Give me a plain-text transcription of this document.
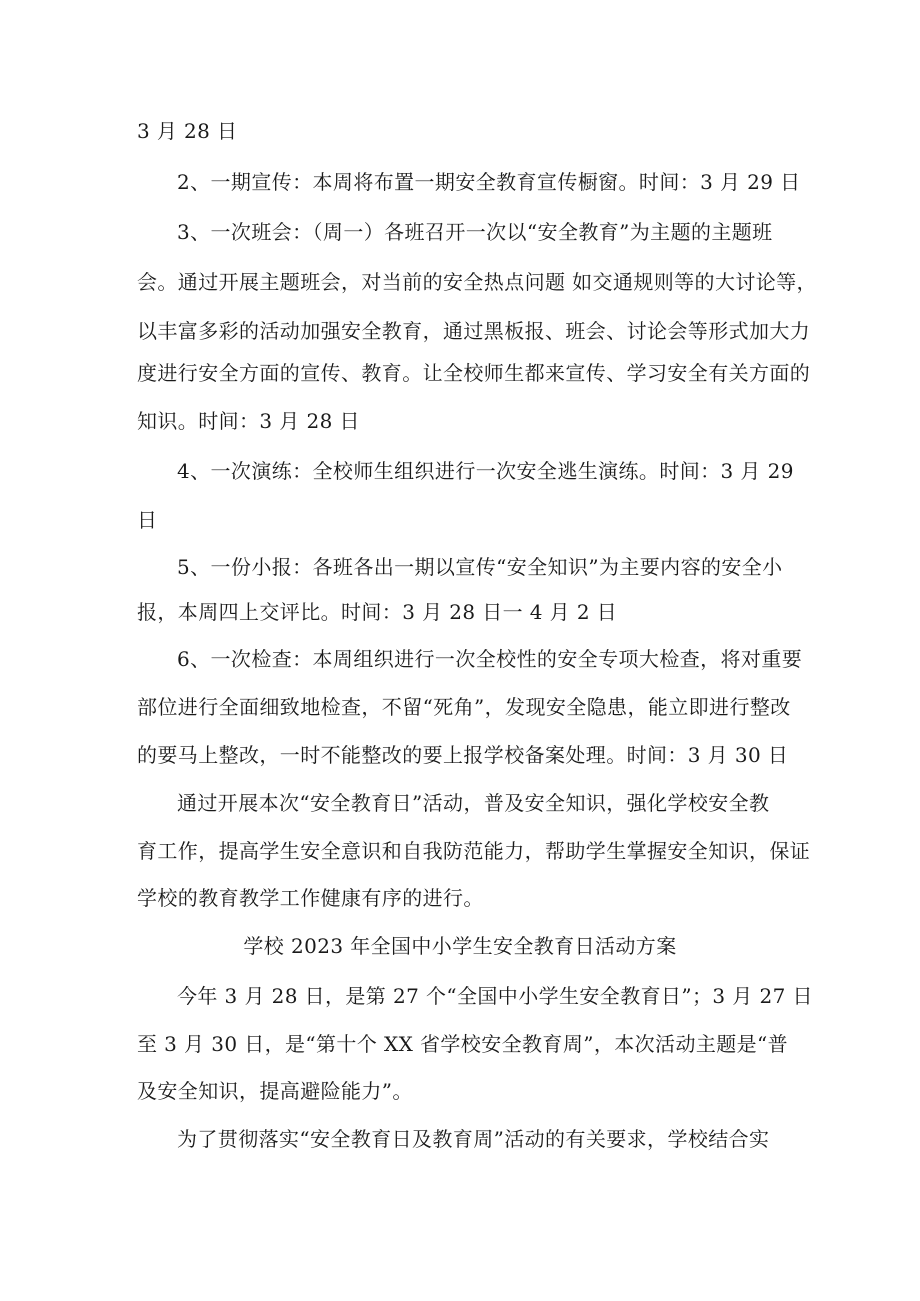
3 月 28 日
2、一期宣传：本周将布置一期安全教育宣传橱窗。时间：3 月 29 日
3、一次班会：（周一）各班召开一次以“安全教育”为主题的主题班
会。通过开展主题班会，对当前的安全热点问题 如交通规则等的大讨论等，
以丰富多彩的活动加强安全教育，通过黑板报、班会、讨论会等形式加大力
度进行安全方面的宣传、教育。让全校师生都来宣传、学习安全有关方面的
知识。时间：3 月 28 日
4、一次演练：全校师生组织进行一次安全逃生演练。时间：3 月 29
日
5、一份小报：各班各出一期以宣传“安全知识”为主要内容的安全小
报，本周四上交评比。时间：3 月 28 日一 4 月 2 日
6、一次检查：本周组织进行一次全校性的安全专项大检查，将对重要
部位进行全面细致地检查，不留“死角”，发现安全隐患，能立即进行整改
的要马上整改，一时不能整改的要上报学校备案处理。时间：3 月 30 日
通过开展本次“安全教育日”活动，普及安全知识，强化学校安全教
育工作，提高学生安全意识和自我防范能力，帮助学生掌握安全知识，保证
学校的教育教学工作健康有序的进行。
学校 2023 年全国中小学生安全教育日活动方案
今年 3 月 28 日，是第 27 个“全国中小学生安全教育日”；3 月 27 日
至 3 月 30 日，是“第十个 XX 省学校安全教育周”，本次活动主题是“普
及安全知识，提高避险能力”。
为了贯彻落实“安全教育日及教育周”活动的有关要求，学校结合实
